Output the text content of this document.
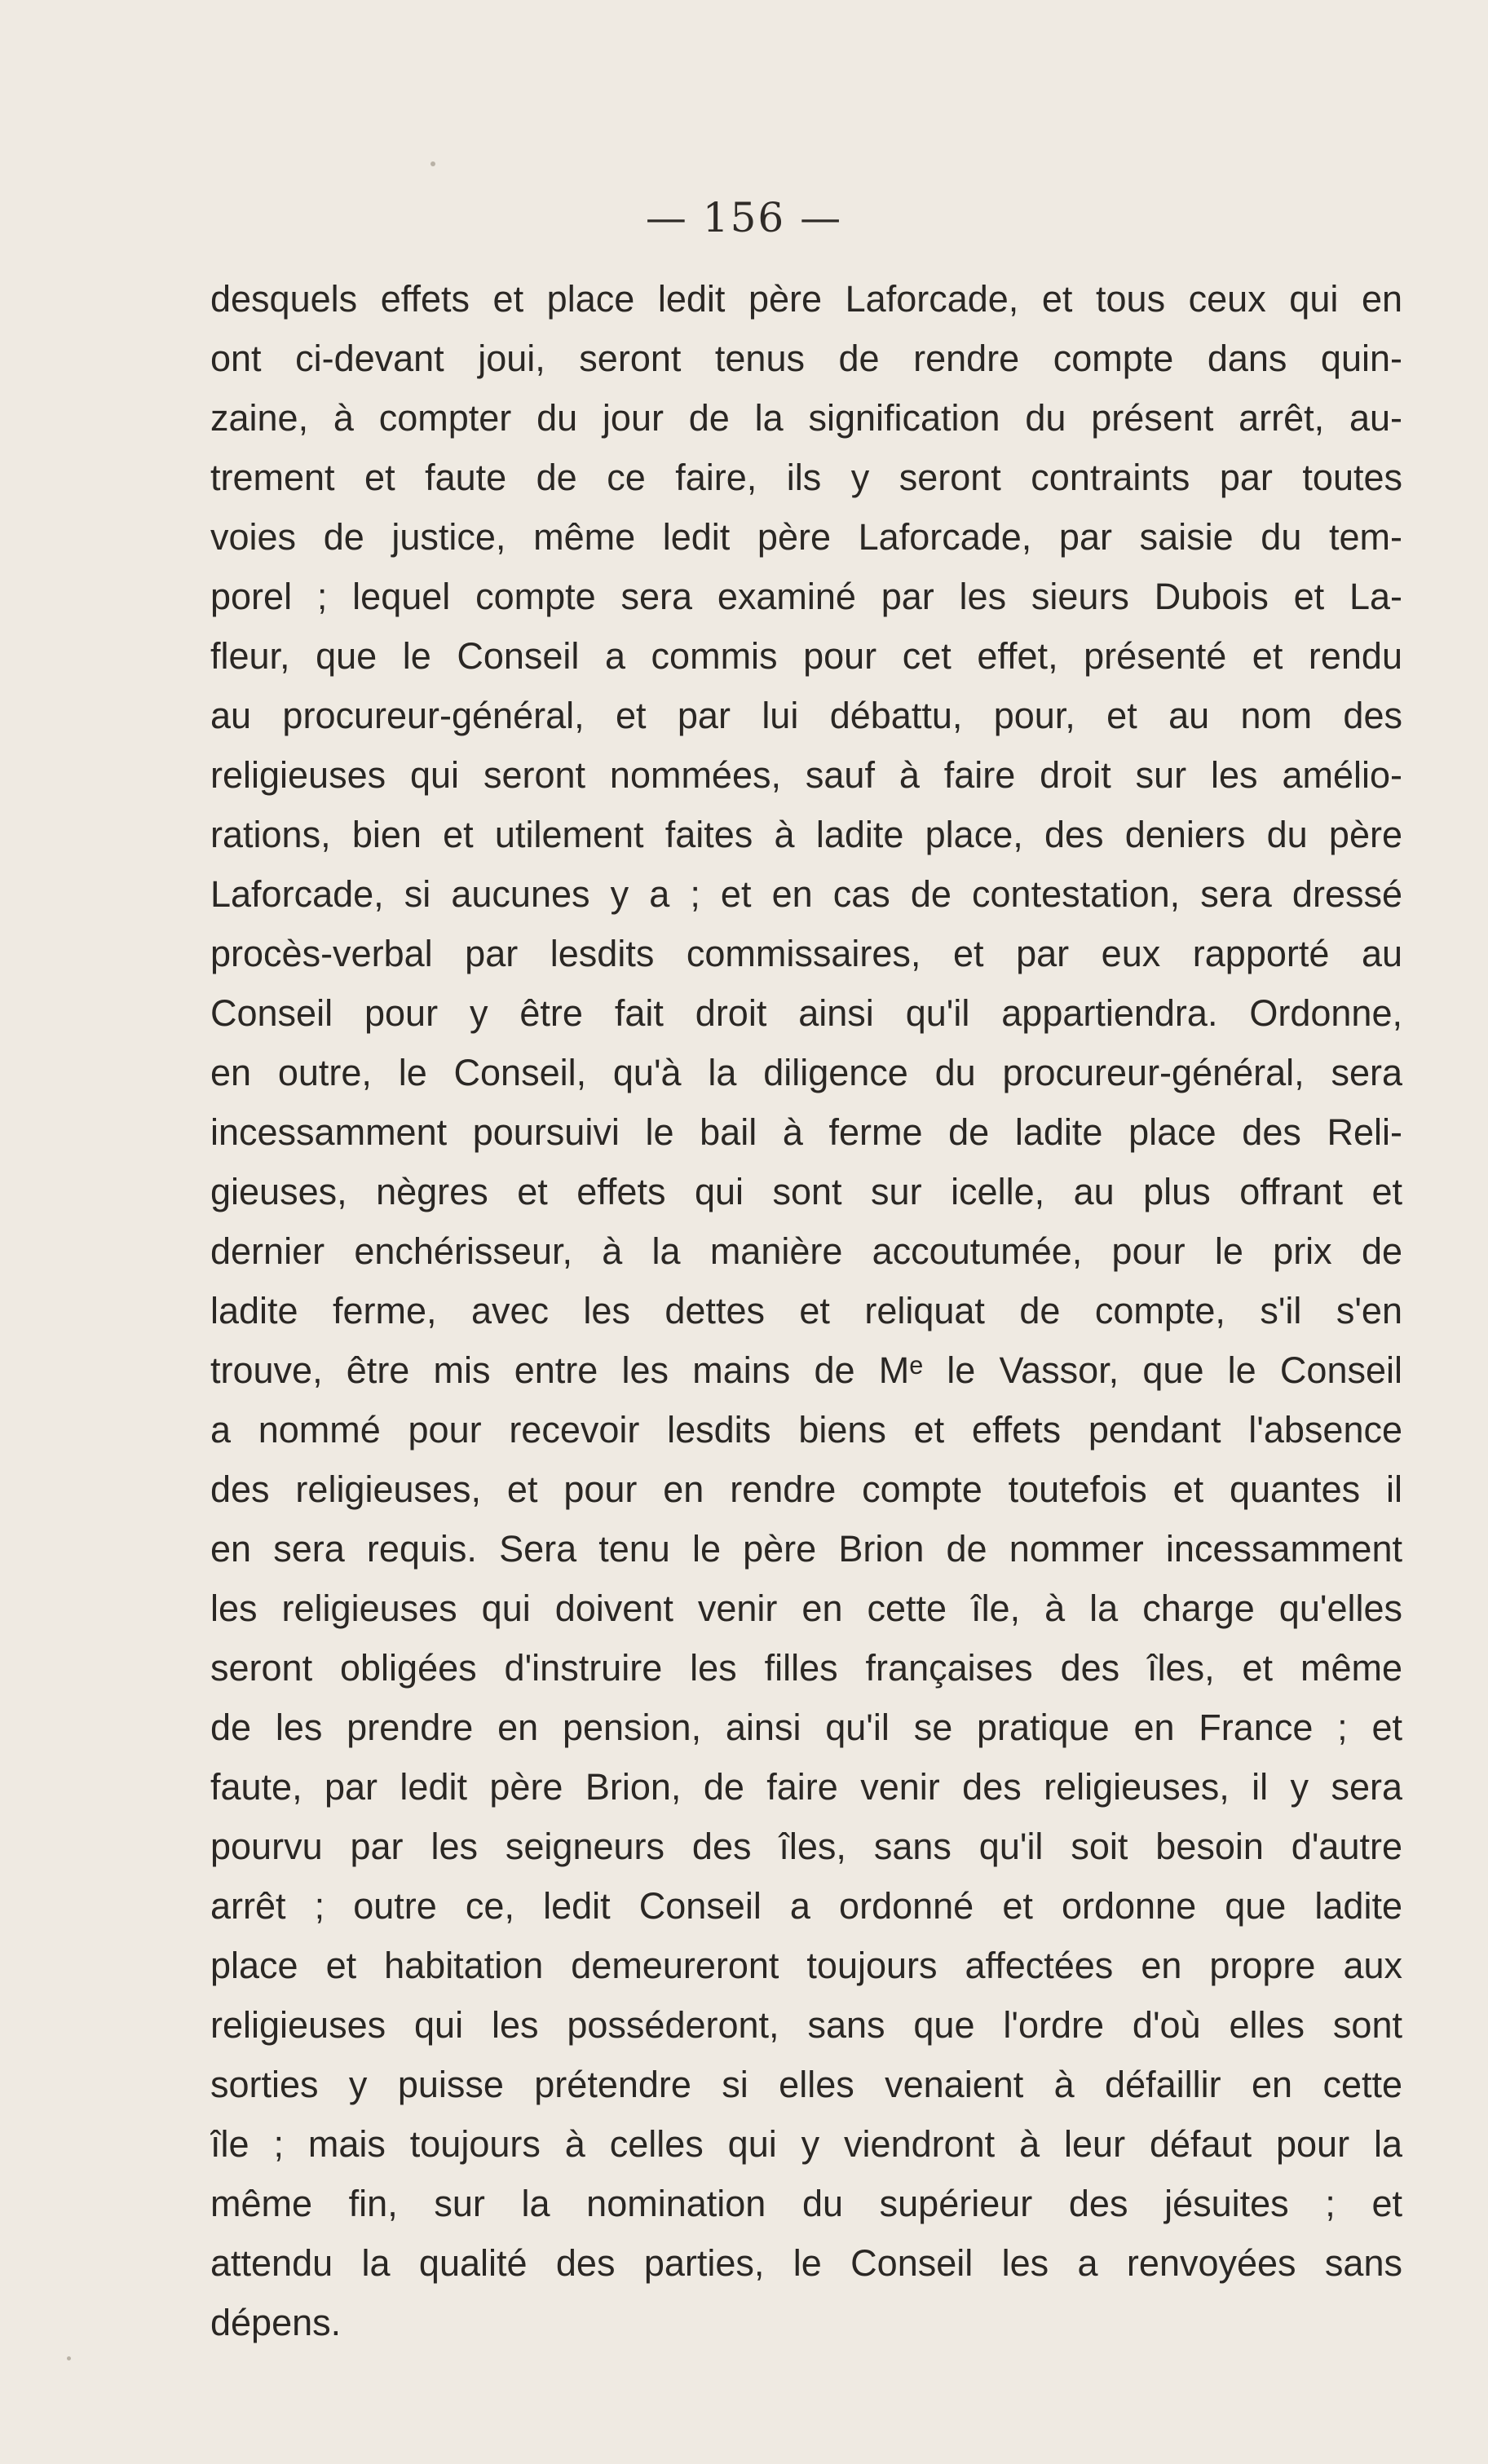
— 156 —
desquels effets et place ledit père Laforcade, et tous ceux qui en
ont ci-devant joui, seront tenus de rendre compte dans quin-
zaine, à compter du jour de la signification du présent arrêt, au-
trement et faute de ce faire, ils y seront contraints par toutes
voies de justice, même ledit père Laforcade, par saisie du tem-
porel ; lequel compte sera examiné par les sieurs Dubois et La-
fleur, que le Conseil a commis pour cet effet, présenté et rendu
au procureur-général, et par lui débattu, pour, et au nom des
religieuses qui seront nommées, sauf à faire droit sur les amélio-
rations, bien et utilement faites à ladite place, des deniers du père
Laforcade, si aucunes y a ; et en cas de contestation, sera dressé
procès-verbal par lesdits commissaires, et par eux rapporté au
Conseil pour y être fait droit ainsi qu'il appartiendra. Ordonne,
en outre, le Conseil, qu'à la diligence du procureur-général, sera
incessamment poursuivi le bail à ferme de ladite place des Reli-
gieuses, nègres et effets qui sont sur icelle, au plus offrant et
dernier enchérisseur, à la manière accoutumée, pour le prix de
ladite ferme, avec les dettes et reliquat de compte, s'il s'en
trouve, être mis entre les mains de Mᵉ le Vassor, que le Conseil
a nommé pour recevoir lesdits biens et effets pendant l'absence
des religieuses, et pour en rendre compte toutefois et quantes il
en sera requis. Sera tenu le père Brion de nommer incessamment
les religieuses qui doivent venir en cette île, à la charge qu'elles
seront obligées d'instruire les filles françaises des îles, et même
de les prendre en pension, ainsi qu'il se pratique en France ; et
faute, par ledit père Brion, de faire venir des religieuses, il y sera
pourvu par les seigneurs des îles, sans qu'il soit besoin d'autre
arrêt ; outre ce, ledit Conseil a ordonné et ordonne que ladite
place et habitation demeureront toujours affectées en propre aux
religieuses qui les posséderont, sans que l'ordre d'où elles sont
sorties y puisse prétendre si elles venaient à défaillir en cette
île ; mais toujours à celles qui y viendront à leur défaut pour la
même fin, sur la nomination du supérieur des jésuites ; et
attendu la qualité des parties, le Conseil les a renvoyées sans
dépens.
